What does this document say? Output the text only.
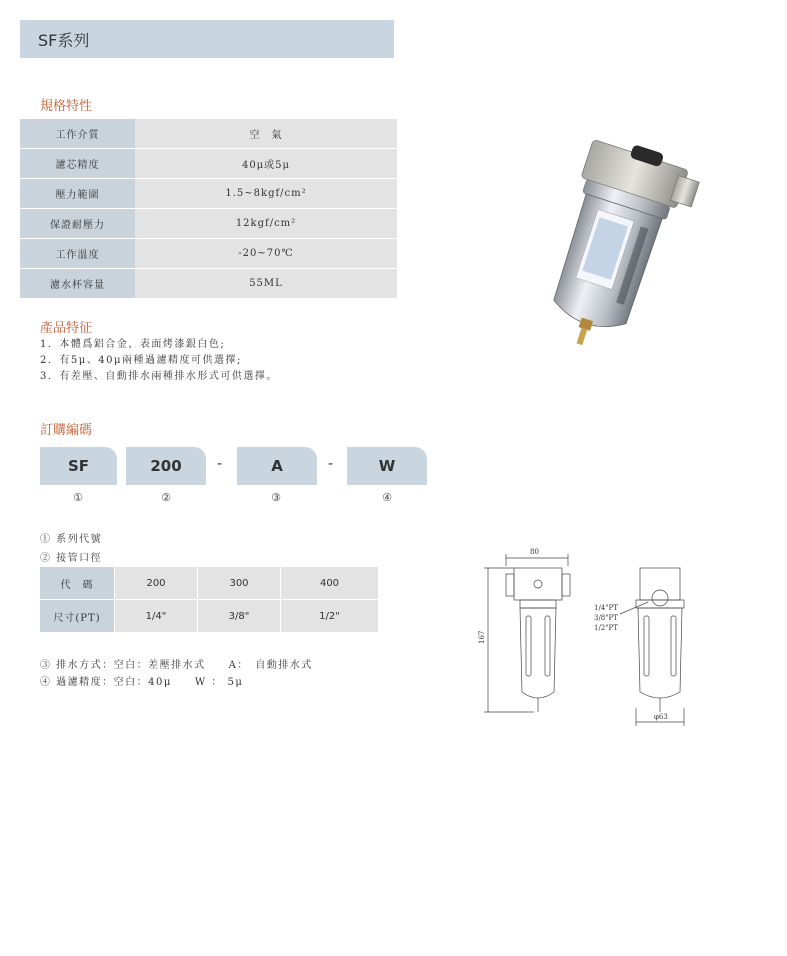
SF系列
規格特性
工作介質	空　氣
濾芯精度	40μ或5μ
壓力範圍	1.5~8kgf/cm²
保證耐壓力	12kgf/cm²
工作溫度	-20~70℃
濾水杯容量	55ML
產品特征
1．本體爲鋁合金，表面烤漆銀白色;
2．有5μ、40μ兩種過濾精度可供選擇;
3．有差壓、自動排水兩種排水形式可供選擇。
訂購編碼
SF	200	-	A	-	W
①	②	③	④
① 系列代號
② 接管口徑
代　碼	200	300	400
尺寸(PT)	1/4"	3/8"	1/2"
③ 排水方式：空白：差壓排水式　　A：　自動排水式
④ 過濾精度：空白：40μ　　W ： 5μ
80
167
φ63
1/4"PT
3/8"PT
1/2"PT
